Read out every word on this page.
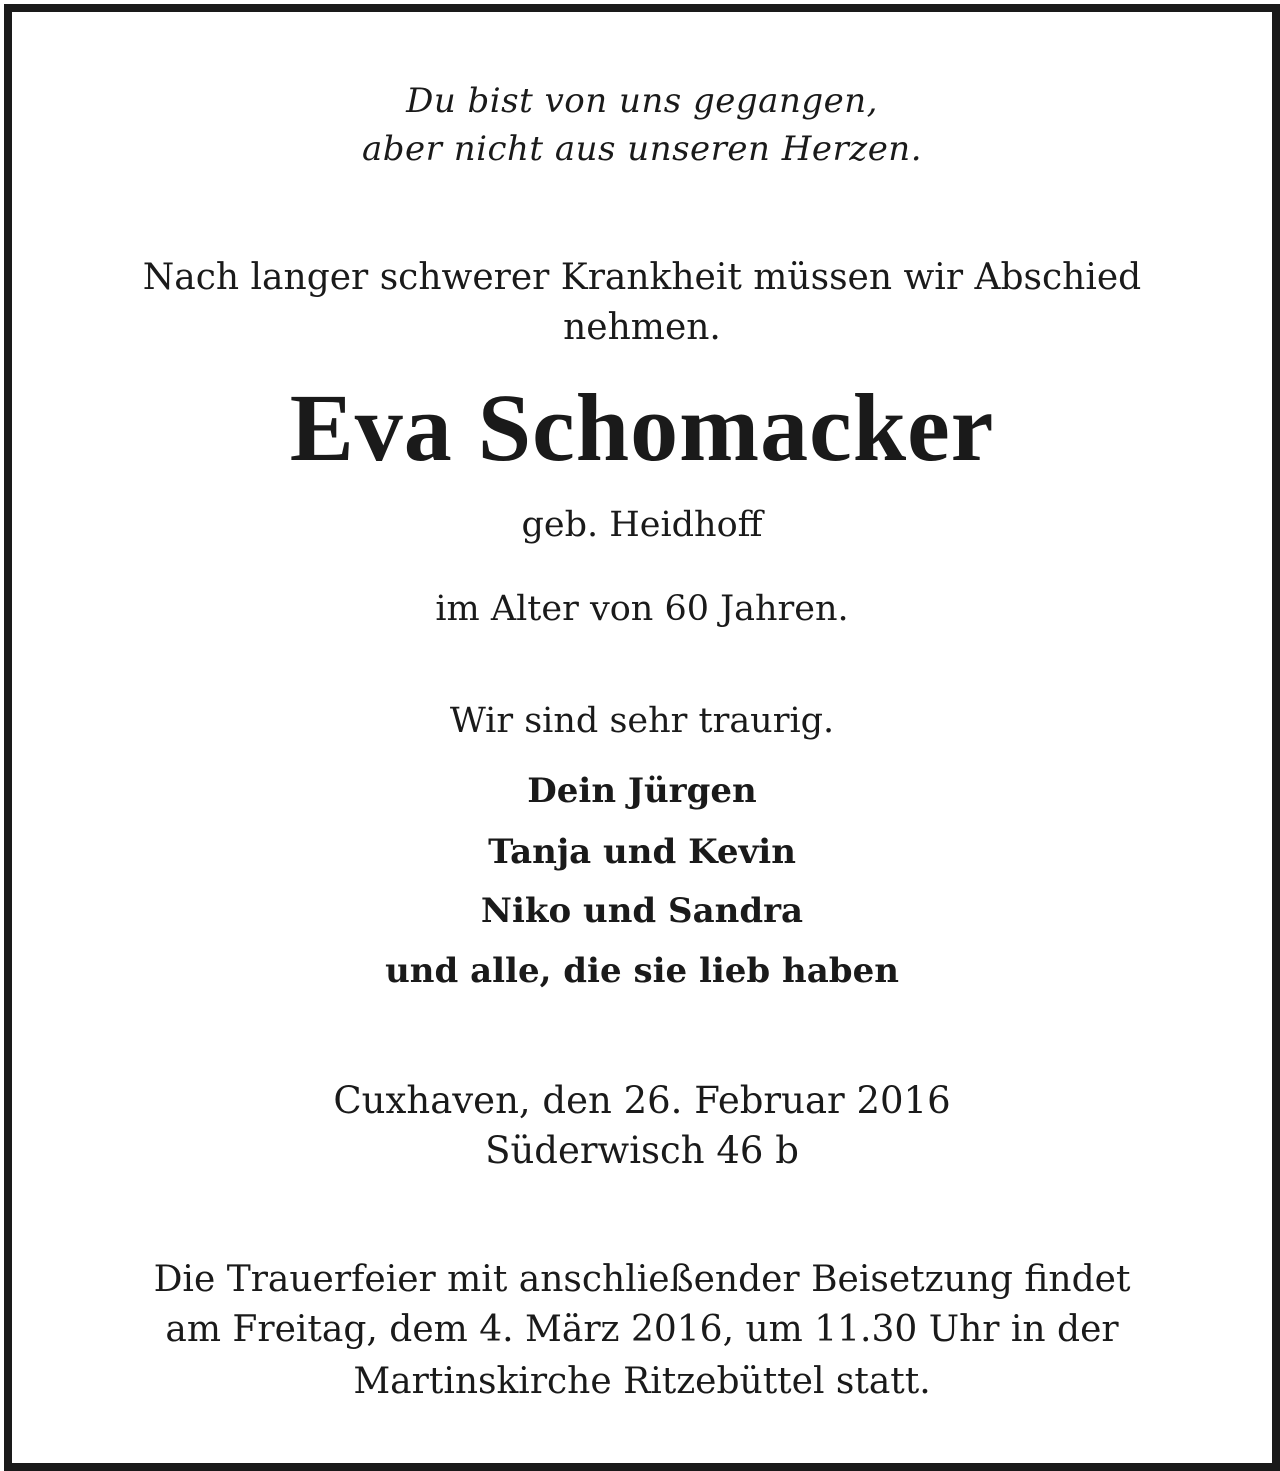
Du bist von uns gegangen,
aber nicht aus unseren Herzen.
Nach langer schwerer Krankheit müssen wir Abschied
nehmen.
Eva Schomacker
geb. Heidhoff
im Alter von 60 Jahren.
Wir sind sehr traurig.
Dein Jürgen
Tanja und Kevin
Niko und Sandra
und alle, die sie lieb haben
Cuxhaven, den 26. Februar 2016
Süderwisch 46 b
Die Trauerfeier mit anschließender Beisetzung findet
am Freitag, dem 4. März 2016, um 11.30 Uhr in der
Martinskirche Ritzebüttel statt.
